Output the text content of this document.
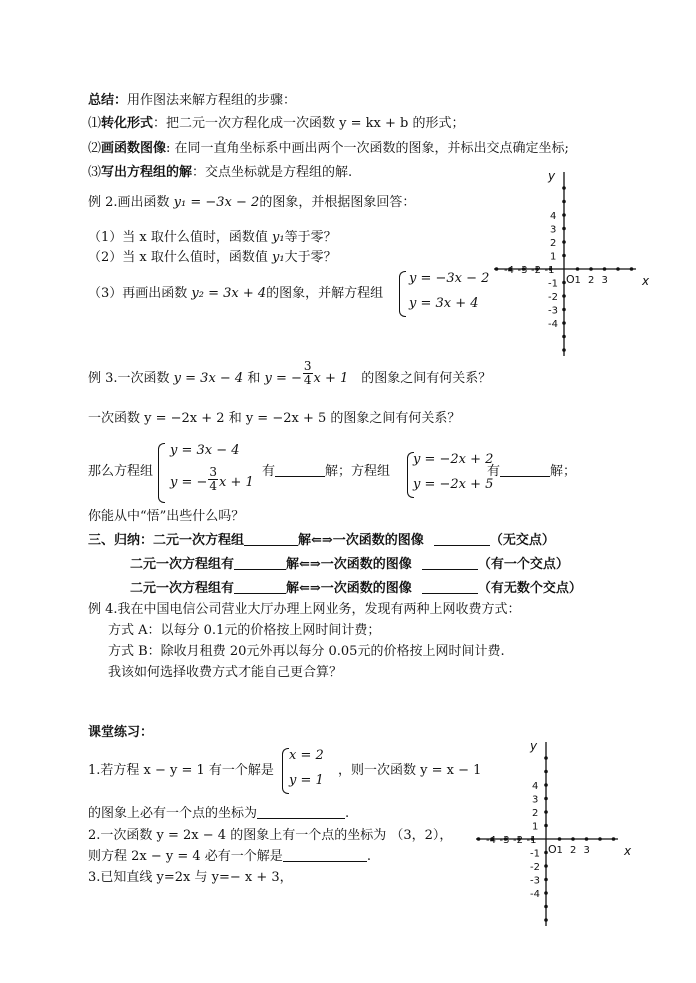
总结：用作图法来解方程组的步骤：
⑴转化形式：把二元一次方程化成一次函数 y = kx + b 的形式；
⑵画函数图像: 在同一直角坐标系中画出两个一次函数的图象，并标出交点确定坐标;
⑶写出方程组的解：交点坐标就是方程组的解.
例 2.画出函数 y₁ = −3x − 2的图象，并根据图象回答：
（1）当 x 取什么值时，函数值 y₁等于零？
（2）当 x 取什么值时，函数值 y₁大于零？
（3）再画出函数 y₂ = 3x + 4的图象，并解方程组
y = −3x − 2
y = 3x + 4
-4 -3 -2 -1
1 2 3
1
2
3
4
-1
-2
-3
-4
O	x
y
例 3.一次函数 y = 3x − 4 和 y = − $\frac{3}{4}$ x + 1　的图象之间有何关系？
一次函数 y = −2x + 2 和 y = −2x + 5 的图象之间有何关系？
那么方程组
y = 3x − 4
y = − $\frac{3}{4}$ x + 1
有	解；方程组
y = −2x + 2
y = −2x + 5
有	解；
你能从中“悟”出些什么吗？
三、归纳：二元一次方程组	解⇐⇒一次函数的图像	（无交点）
二元一次方程组有	解⇐⇒一次函数的图像	（有一个交点）
二元一次方程组有	解⇐⇒一次函数的图像	（有无数个交点）
例 4.我在中国电信公司营业大厅办理上网业务，发现有两种上网收费方式：
方式 A：以每分 0.1元的价格按上网时间计费；
方式 B：除收月租费 20元外再以每分 0.05元的价格按上网时间计费.
我该如何选择收费方式才能自己更合算？
课堂练习：
1.若方程 x − y = 1 有一个解是
x = 2
y = 1
，则一次函数 y = x − 1
的图象上必有一个点的坐标为	.
2.一次函数 y = 2x − 4 的图象上有一个点的坐标为 （3，2），
则方程 2x − y = 4 必有一个解是	.
3.已知直线 y=2x 与 y=− x + 3，
-4 -3 -2 -1
1 2 3
1
2
3
4
-1
-2
-3
-4
O	x
y
